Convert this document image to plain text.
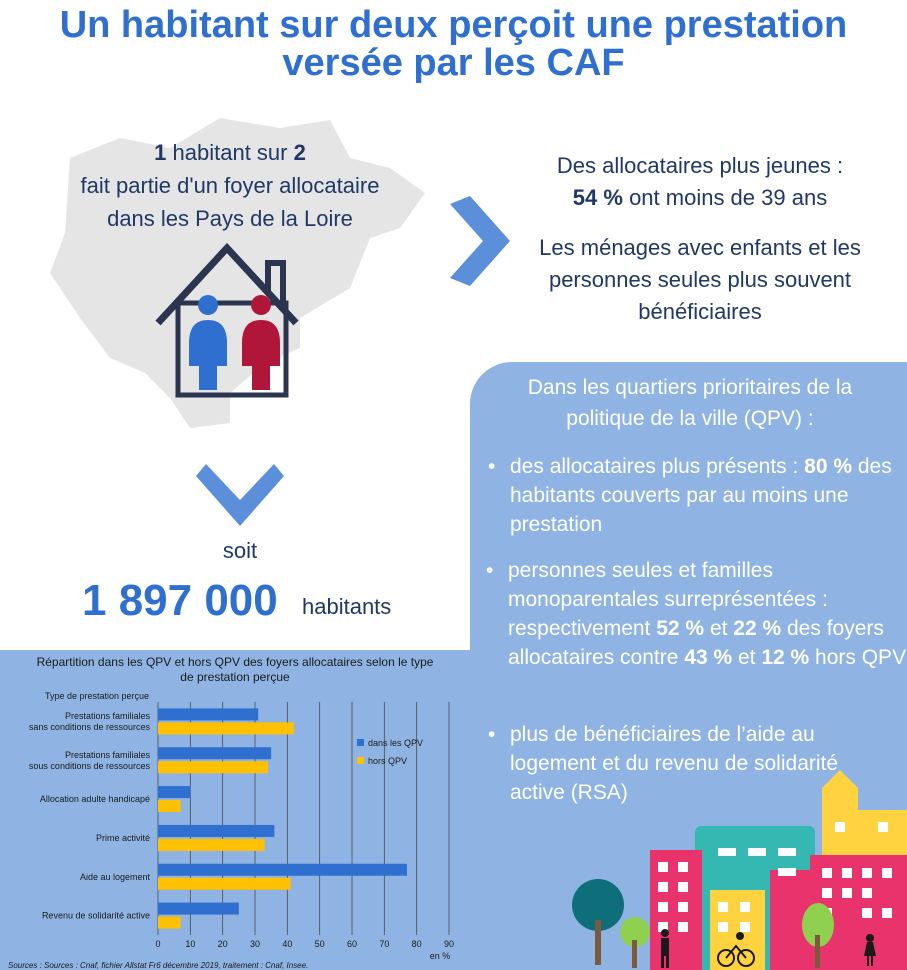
Un habitant sur deux perçoit une prestation versée par les CAF
1 habitant sur 2
fait partie d'un foyer allocataire
dans les Pays de la Loire
Des allocataires plus jeunes :
54 % ont moins de 39 ans
Les ménages avec enfants et les personnes seules plus souvent bénéficiaires
soit
1 897 000 habitants
Dans les quartiers prioritaires de la politique de la ville (QPV) :
• des allocataires plus présents : 80 % des habitants couverts par au moins une prestation
• personnes seules et familles monoparentales surreprésentées : respectivement 52 % et 22 % des foyers allocataires contre 43 % et 12 % hors QPV
• plus de bénéficiaires de l’aide au logement et du revenu de solidarité active (RSA)
Répartition dans les QPV et hors QPV des foyers allocataires selon le type
de prestation perçue
Type de prestation perçue
Prestations familiales
sans conditions de ressources
Prestations familiales
sous conditions de ressources
Allocation adulte handicapé
Prime activité
Aide au logement
Revenu de solidarité active
0	10 20 30 40 50 60 70 80 90
en %
dans les QPV
hors QPV
Sources : Sources : Cnaf, fichier Allstat Fr6 décembre 2019, traitement : Cnaf, Insee.
